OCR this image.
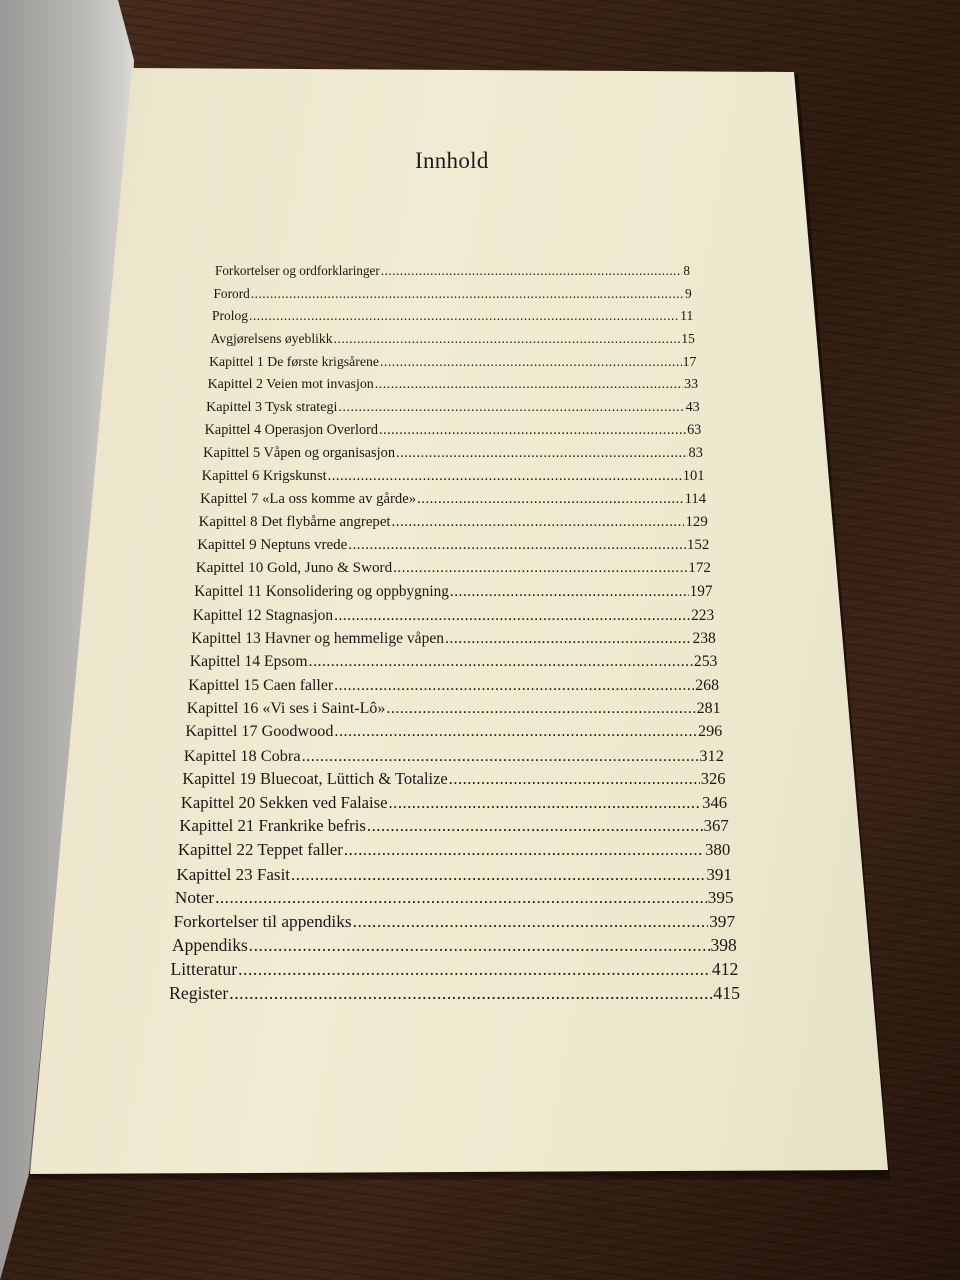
Innhold
Forkortelser og ordforklaringer .....	8
Forord .....	9
Prolog .....	11
Avgjørelsens øyeblikk .....	15
Kapittel 1 De første krigsårene .....	17
Kapittel 2 Veien mot invasjon .....	33
Kapittel 3 Tysk strategi .....	43
Kapittel 4 Operasjon Overlord .....	63
Kapittel 5 Våpen og organisasjon .....	83
Kapittel 6 Krigskunst .....	101
Kapittel 7 «La oss komme av gårde» .....	114
Kapittel 8 Det flybårne angrepet .....	129
Kapittel 9 Neptuns vrede .....	152
Kapittel 10 Gold, Juno & Sword .....	172
Kapittel 11 Konsolidering og oppbygning .....	197
Kapittel 12 Stagnasjon .....	223
Kapittel 13 Havner og hemmelige våpen .....	238
Kapittel 14 Epsom .....	253
Kapittel 15 Caen faller .....	268
Kapittel 16 «Vi ses i Saint-Lô» .....	281
Kapittel 17 Goodwood .....	296
Kapittel 18 Cobra .....	312
Kapittel 19 Bluecoat, Lüttich & Totalize .....	326
Kapittel 20 Sekken ved Falaise .....	346
Kapittel 21 Frankrike befris .....	367
Kapittel 22 Teppet faller .....	380
Kapittel 23 Fasit .....	391
Noter .....	395
Forkortelser til appendiks .....	397
Appendiks .....	398
Litteratur .....	412
Register .....	415
